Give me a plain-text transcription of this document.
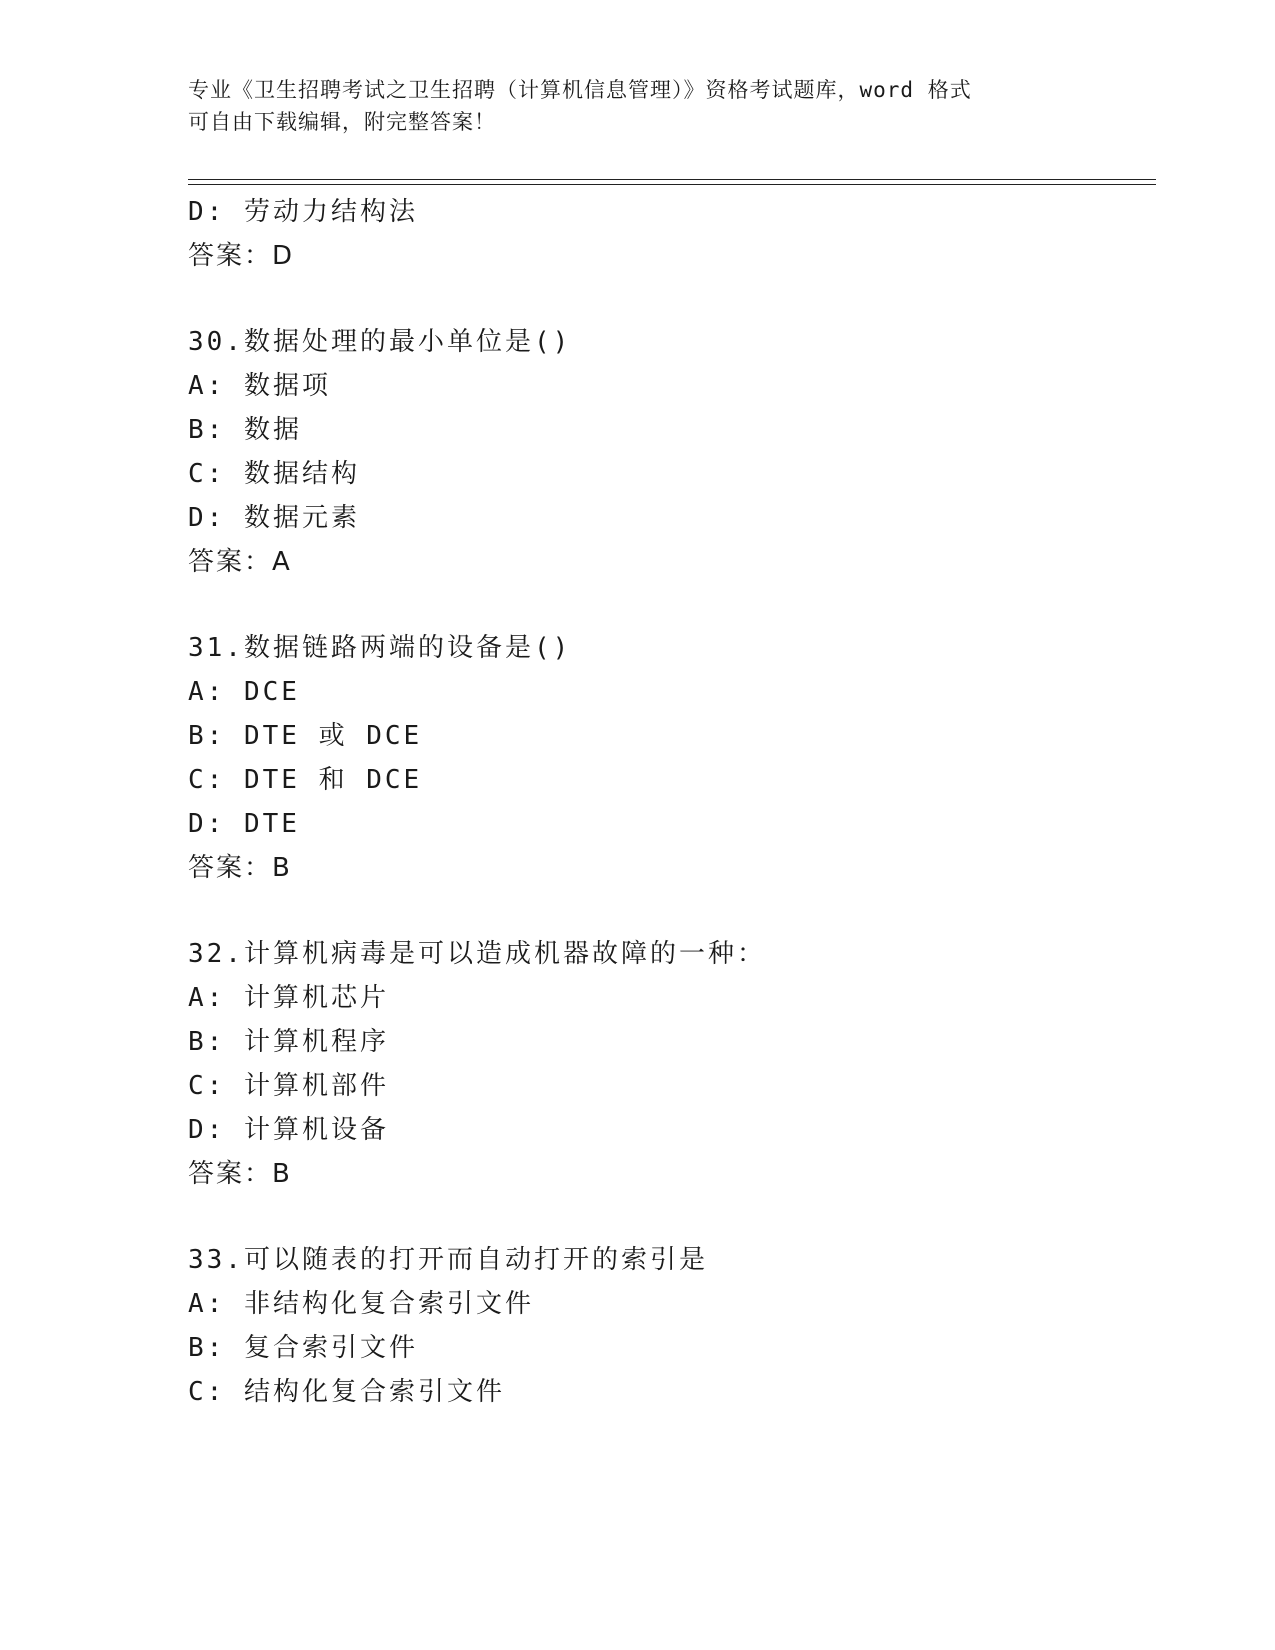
专业《卫生招聘考试之卫生招聘（计算机信息管理）》资格考试题库，word 格式
可自由下载编辑，附完整答案！
D: 劳动力结构法
答案：D
30.数据处理的最小单位是()
A: 数据项
B: 数据
C: 数据结构
D: 数据元素
答案：A
31.数据链路两端的设备是()
A: DCE
B: DTE 或 DCE
C: DTE 和 DCE
D: DTE
答案：B
32.计算机病毒是可以造成机器故障的一种：
A: 计算机芯片
B: 计算机程序
C: 计算机部件
D: 计算机设备
答案：B
33.可以随表的打开而自动打开的索引是
A: 非结构化复合索引文件
B: 复合索引文件
C: 结构化复合索引文件
